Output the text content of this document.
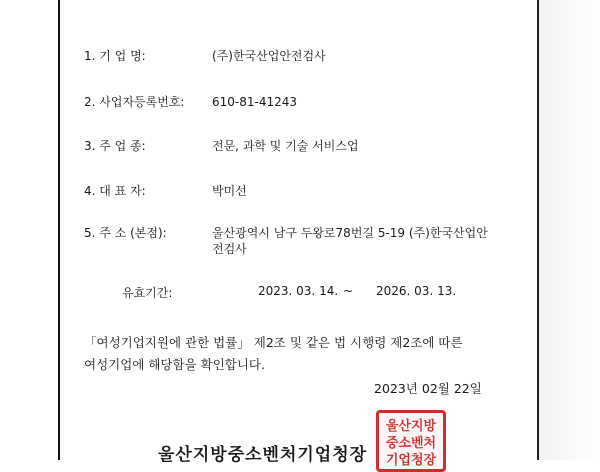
1. 기 업 명:	(주)한국산업안전검사
2. 사업자등록번호: 610-81-41243
3. 주 업 종:	전문, 과학 및 기술 서비스업
4. 대 표 자:	박미선
5. 주 소 (본점):	울산광역시 남구 두왕로78번길 5-19 (주)한국산업안
전검사
유효기간:	2023. 03. 14. ~ 2026. 03. 13.
「여성기업지원에 관한 법률」 제2조 및 같은 법 시행령 제2조에 따른
여성기업에 해당함을 확인합니다.
2023년 02월 22일
울산지방
중소벤처
기업청장
울산지방중소벤처기업청장
